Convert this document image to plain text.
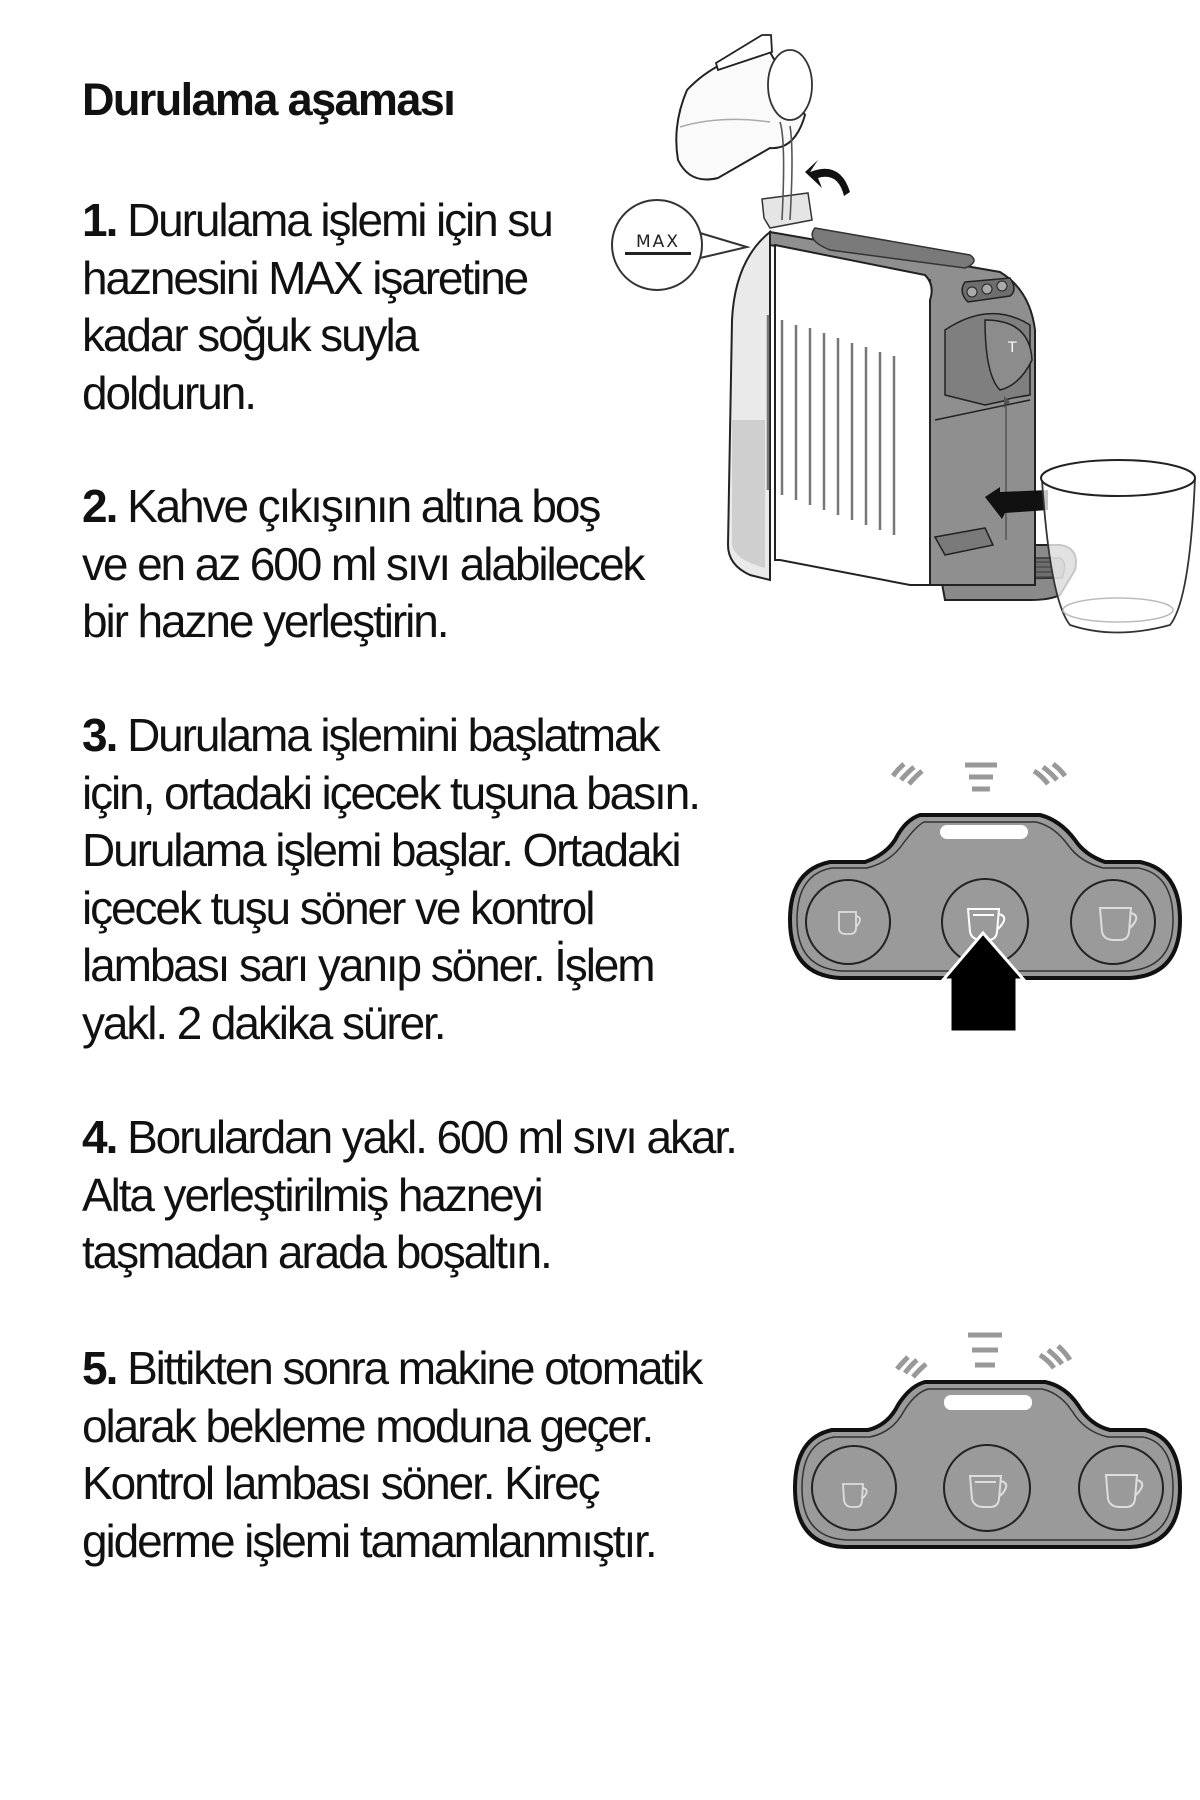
Durulama aşaması
1. Durulama işlemi için su
haznesini MAX işaretine
kadar soğuk suyla
doldurun.
2. Kahve çıkışının altına boş
ve en az 600 ml sıvı alabilecek
bir hazne yerleştirin.
3. Durulama işlemini başlatmak
için, ortadaki içecek tuşuna basın.
Durulama işlemi başlar. Ortadaki
içecek tuşu söner ve kontrol
lambası sarı yanıp söner. İşlem
yakl. 2 dakika sürer.
4. Borulardan yakl. 600 ml sıvı akar.
Alta yerleştirilmiş hazneyi
taşmadan arada boşaltın.
5. Bittikten sonra makine otomatik
olarak bekleme moduna geçer.
Kontrol lambası söner. Kireç
giderme işlemi tamamlanmıştır.
MAX
T
